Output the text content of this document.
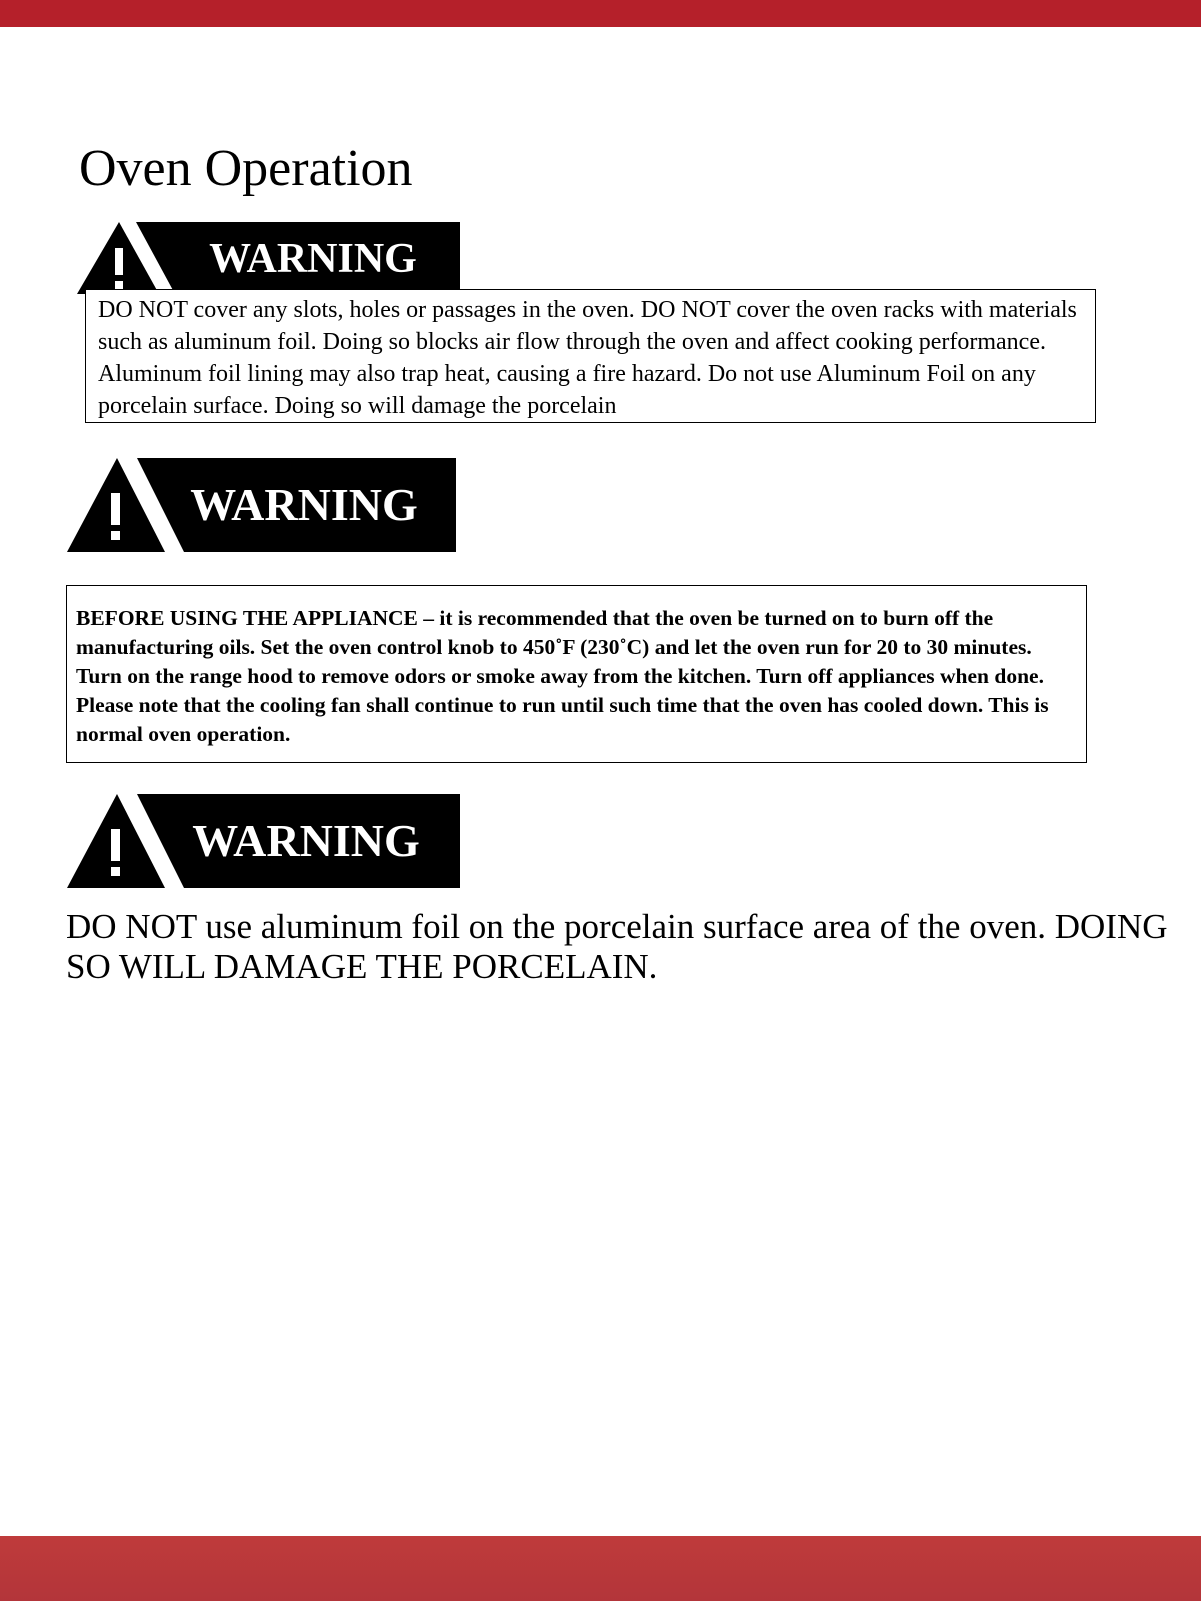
Oven Operation
WARNING
DO NOT cover any slots, holes or passages in the oven. DO NOT cover the oven racks with materials such as aluminum foil. Doing so blocks air flow through the oven and affect cooking performance. Aluminum foil lining may also trap heat, causing a fire hazard. Do not use Aluminum Foil on any porcelain surface. Doing so will damage the porcelain
WARNING
BEFORE USING THE APPLIANCE – it is recommended that the oven be turned on to burn off the manufacturing oils. Set the oven control knob to 450˚F (230˚C) and let the oven run for 20 to 30 minutes. Turn on the range hood to remove odors or smoke away from the kitchen. Turn off appliances when done. Please note that the cooling fan shall continue to run until such time that the oven has cooled down. This is normal oven operation.
WARNING
DO NOT use aluminum foil on the porcelain surface area of the oven. DOING SO WILL DAMAGE THE PORCELAIN.
